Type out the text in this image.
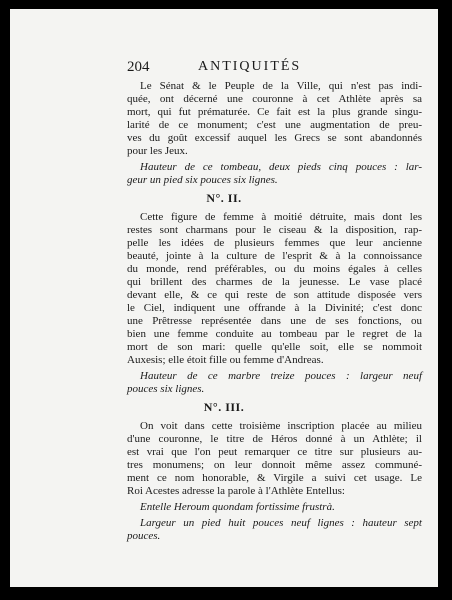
204	ANTIQUITÉS
Le Sénat & le Peuple de la Ville, qui n'est pas indi-
quée, ont décerné une couronne à cet Athlète après sa
mort, qui fut prématurée. Ce fait est la plus grande singu-
larité de ce monument; c'est une augmentation de preu-
ves du goût excessif auquel les Grecs se sont abandonnés
pour les Jeux.
Hauteur de ce tombeau, deux pieds cinq pouces : lar-
geur un pied six pouces six lignes.
N°. II.
Cette figure de femme à moitié détruite, mais dont les
restes sont charmans pour le ciseau & la disposition, rap-
pelle les idées de plusieurs femmes que leur ancienne
beauté, jointe à la culture de l'esprit & à la connoissance
du monde, rend préférables, ou du moins égales à celles
qui brillent des charmes de la jeunesse. Le vase placé
devant elle, & ce qui reste de son attitude disposée vers
le Ciel, indiquent une offrande à la Divinité; c'est donc
une Prêtresse représentée dans une de ses fonctions, ou
bien une femme conduite au tombeau par le regret de la
mort de son mari: quelle qu'elle soit, elle se nommoit
Auxesis; elle étoit fille ou femme d'Andreas.
Hauteur de ce marbre treize pouces : largeur neuf
pouces six lignes.
N°. III.
On voit dans cette troisième inscription placée au milieu
d'une couronne, le titre de Héros donné à un Athlète; il
est vrai que l'on peut remarquer ce titre sur plusieurs au-
tres monumens; on leur donnoit même assez communé-
ment ce nom honorable, & Virgile a suivi cet usage. Le
Roi Acestes adresse la parole à l'Athlète Entellus:
Entelle Heroum quondam fortissime frustrà.
Largeur un pied huit pouces neuf lignes : hauteur sept
pouces.
